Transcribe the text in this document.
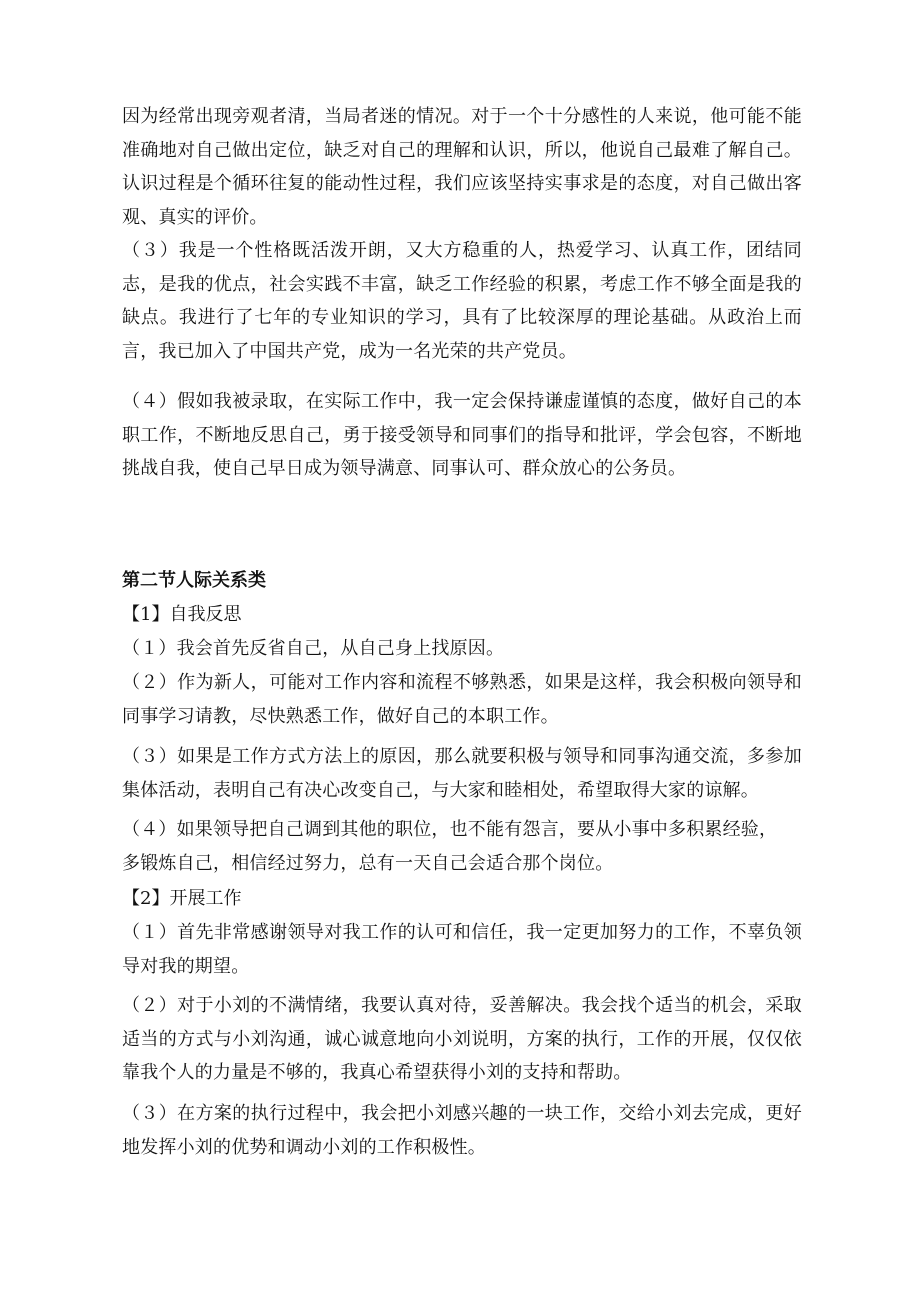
因为经常出现旁观者清，当局者迷的情况。对于一个十分感性的人来说，他可能不能准确地对自己做出定位，缺乏对自己的理解和认识，所以，他说自己最难了解自己。认识过程是个循环往复的能动性过程，我们应该坚持实事求是的态度，对自己做出客观、真实的评价。

（３）我是一个性格既活泼开朗，又大方稳重的人，热爱学习、认真工作，团结同志，是我的优点，社会实践不丰富，缺乏工作经验的积累，考虑工作不够全面是我的缺点。我进行了七年的专业知识的学习，具有了比较深厚的理论基础。从政治上而言，我已加入了中国共产党，成为一名光荣的共产党员。

（４）假如我被录取，在实际工作中，我一定会保持谦虚谨慎的态度，做好自己的本职工作，不断地反思自己，勇于接受领导和同事们的指导和批评，学会包容，不断地挑战自我，使自己早日成为领导满意、同事认可、群众放心的公务员。

第二节人际关系类
【1】自我反思

（１）我会首先反省自己，从自己身上找原因。

（２）作为新人，可能对工作内容和流程不够熟悉，如果是这样，我会积极向领导和同事学习请教，尽快熟悉工作，做好自己的本职工作。

（３）如果是工作方式方法上的原因，那么就要积极与领导和同事沟通交流，多参加集体活动，表明自己有决心改变自己，与大家和睦相处，希望取得大家的谅解。

（４）如果领导把自己调到其他的职位，也不能有怨言，要从小事中多积累经验，
多锻炼自己，相信经过努力，总有一天自己会适合那个岗位。

【2】开展工作

（１）首先非常感谢领导对我工作的认可和信任，我一定更加努力的工作，不辜负领导对我的期望。

（２）对于小刘的不满情绪，我要认真对待，妥善解决。我会找个适当的机会，采取适当的方式与小刘沟通，诚心诚意地向小刘说明，方案的执行，工作的开展，仅仅依靠我个人的力量是不够的，我真心希望获得小刘的支持和帮助。

（３）在方案的执行过程中，我会把小刘感兴趣的一块工作，交给小刘去完成，更好地发挥小刘的优势和调动小刘的工作积极性。
